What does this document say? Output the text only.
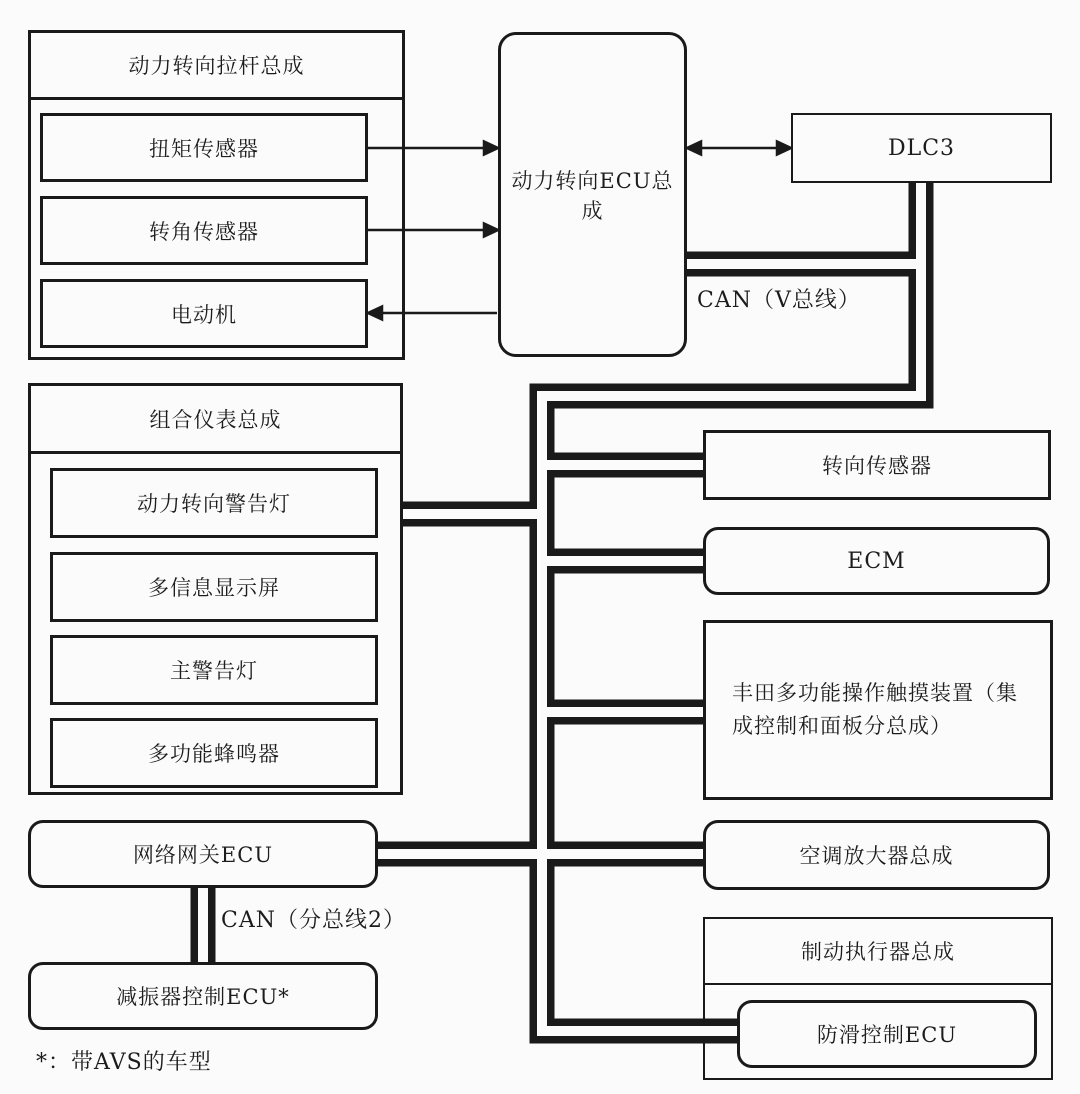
动力转向拉杆总成
扭矩传感器
转角传感器
电动机
动力转向ECU总成
DLC3
CAN（V总线）
组合仪表总成
动力转向警告灯
多信息显示屏
主警告灯
多功能蜂鸣器
转向传感器
ECM
丰田多功能操作触摸装置（集成控制和面板分总成）
空调放大器总成
制动执行器总成
网络网关ECU
CAN（分总线2）
减振器控制ECU*
*：带AVS的车型
防滑控制ECU
